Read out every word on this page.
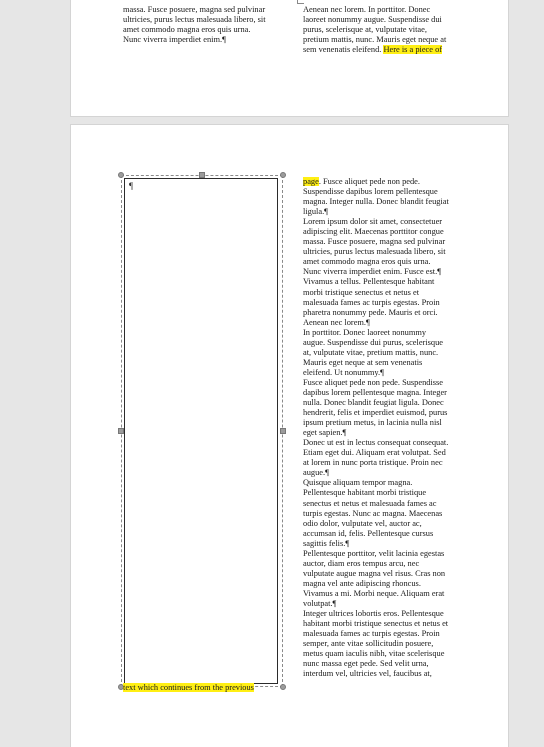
massa. Fusce posuere, magna sed pulvinar
ultricies, purus lectus malesuada libero, sit
amet commodo magna eros quis urna.
Nunc viverra imperdiet enim.¶
Aenean nec lorem. In porttitor. Donec
laoreet nonummy augue. Suspendisse dui
purus, scelerisque at, vulputate vitae,
pretium mattis, nunc. Mauris eget neque at
sem venenatis eleifend. Here is a piece of
¶
text which continues from the previous
page. Fusce aliquet pede non pede.
Suspendisse dapibus lorem pellentesque
magna. Integer nulla. Donec blandit feugiat
ligula.¶
Lorem ipsum dolor sit amet, consectetuer
adipiscing elit. Maecenas porttitor congue
massa. Fusce posuere, magna sed pulvinar
ultricies, purus lectus malesuada libero, sit
amet commodo magna eros quis urna.
Nunc viverra imperdiet enim. Fusce est.¶
Vivamus a tellus. Pellentesque habitant
morbi tristique senectus et netus et
malesuada fames ac turpis egestas. Proin
pharetra nonummy pede. Mauris et orci.
Aenean nec lorem.¶
In porttitor. Donec laoreet nonummy
augue. Suspendisse dui purus, scelerisque
at, vulputate vitae, pretium mattis, nunc.
Mauris eget neque at sem venenatis
eleifend. Ut nonummy.¶
Fusce aliquet pede non pede. Suspendisse
dapibus lorem pellentesque magna. Integer
nulla. Donec blandit feugiat ligula. Donec
hendrerit, felis et imperdiet euismod, purus
ipsum pretium metus, in lacinia nulla nisl
eget sapien.¶
Donec ut est in lectus consequat consequat.
Etiam eget dui. Aliquam erat volutpat. Sed
at lorem in nunc porta tristique. Proin nec
augue.¶
Quisque aliquam tempor magna.
Pellentesque habitant morbi tristique
senectus et netus et malesuada fames ac
turpis egestas. Nunc ac magna. Maecenas
odio dolor, vulputate vel, auctor ac,
accumsan id, felis. Pellentesque cursus
sagittis felis.¶
Pellentesque porttitor, velit lacinia egestas
auctor, diam eros tempus arcu, nec
vulputate augue magna vel risus. Cras non
magna vel ante adipiscing rhoncus.
Vivamus a mi. Morbi neque. Aliquam erat
volutpat.¶
Integer ultrices lobortis eros. Pellentesque
habitant morbi tristique senectus et netus et
malesuada fames ac turpis egestas. Proin
semper, ante vitae sollicitudin posuere,
metus quam iaculis nibh, vitae scelerisque
nunc massa eget pede. Sed velit urna,
interdum vel, ultricies vel, faucibus at,
